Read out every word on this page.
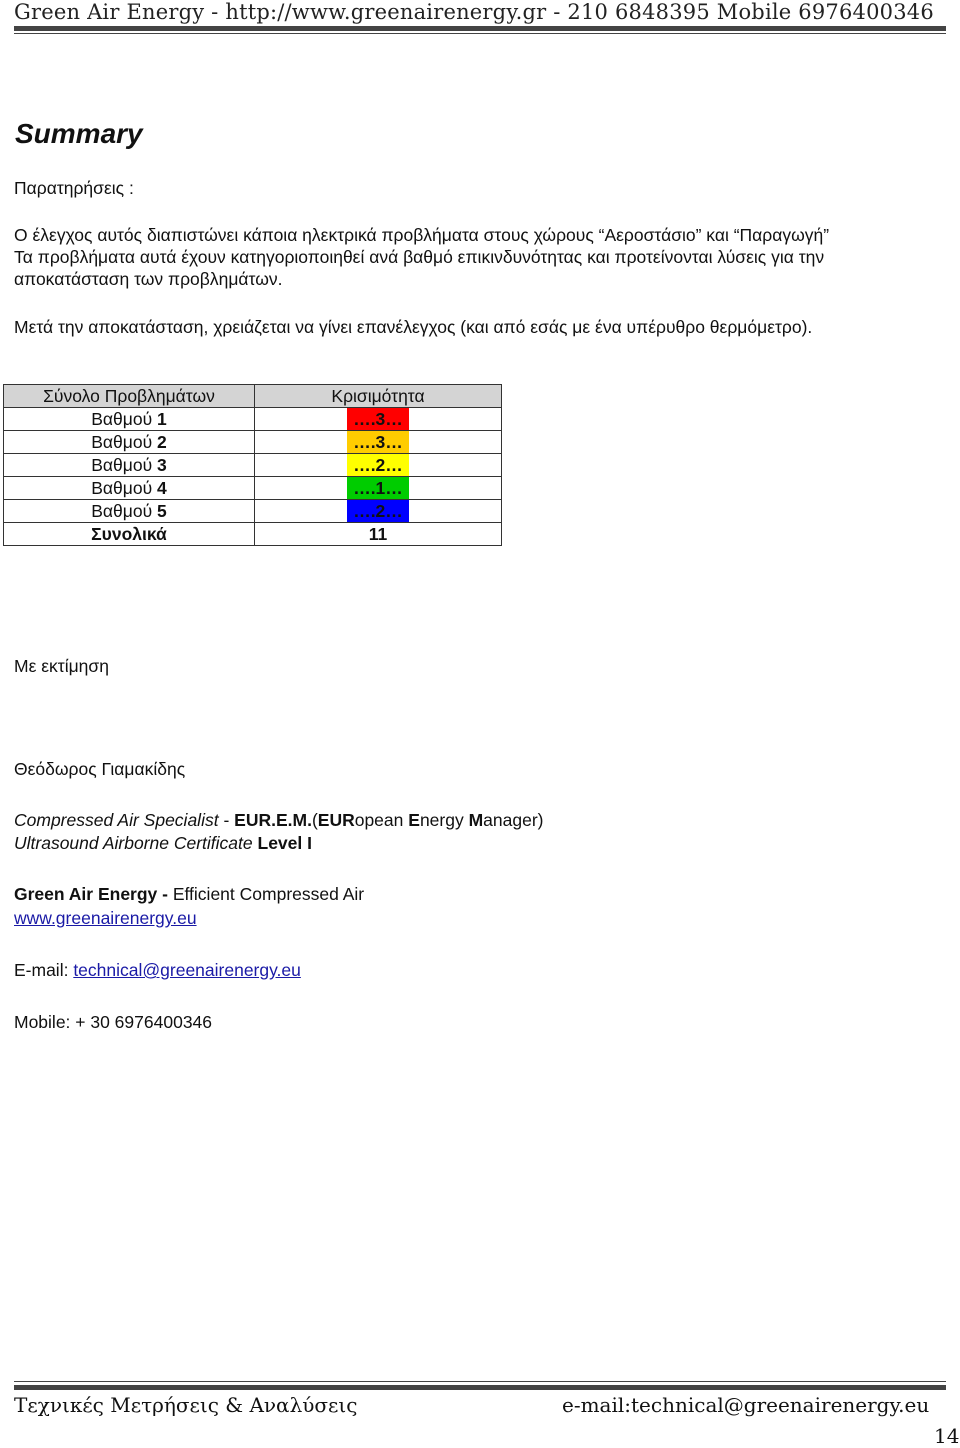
Green Air Energy - http://www.greenairenergy.gr - 210 6848395 Mobile 6976400346
Summary
Παρατηρήσεις :
Ο έλεγχος αυτός διαπιστώνει κάποια ηλεκτρικά προβλήματα στους χώρους “Αεροστάσιο” και “Παραγωγή”
Τα προβλήματα αυτά έχουν κατηγοριοποιηθεί ανά βαθμό επικινδυνότητας και προτείνονται λύσεις για την
αποκατάσταση των προβλημάτων.
Μετά την αποκατάσταση, χρειάζεται να γίνει επανέλεγχος (και από εσάς με ένα υπέρυθρο θερμόμετρο).
Σύνολο Προβλημάτων	Κρισιμότητα
Βαθμού 1	….3…
Βαθμού 2	….3…
Βαθμού 3	….2…
Βαθμού 4	….1…
Βαθμού 5	….2…
Συνολικά	11
Με εκτίμηση
Θεόδωρος Γιαμακίδης
Compressed Air Specialist - EUR.E.M.(EURopean Energy Manager)
Ultrasound Airborne Certificate Level I
Green Air Energy - Efficient Compressed Air
www.greenairenergy.eu
E-mail: technical@greenairenergy.eu
Mobile: + 30 6976400346
Τεχνικές Μετρήσεις & Αναλύσεις	e-mail:technical@greenairenergy.eu
14
